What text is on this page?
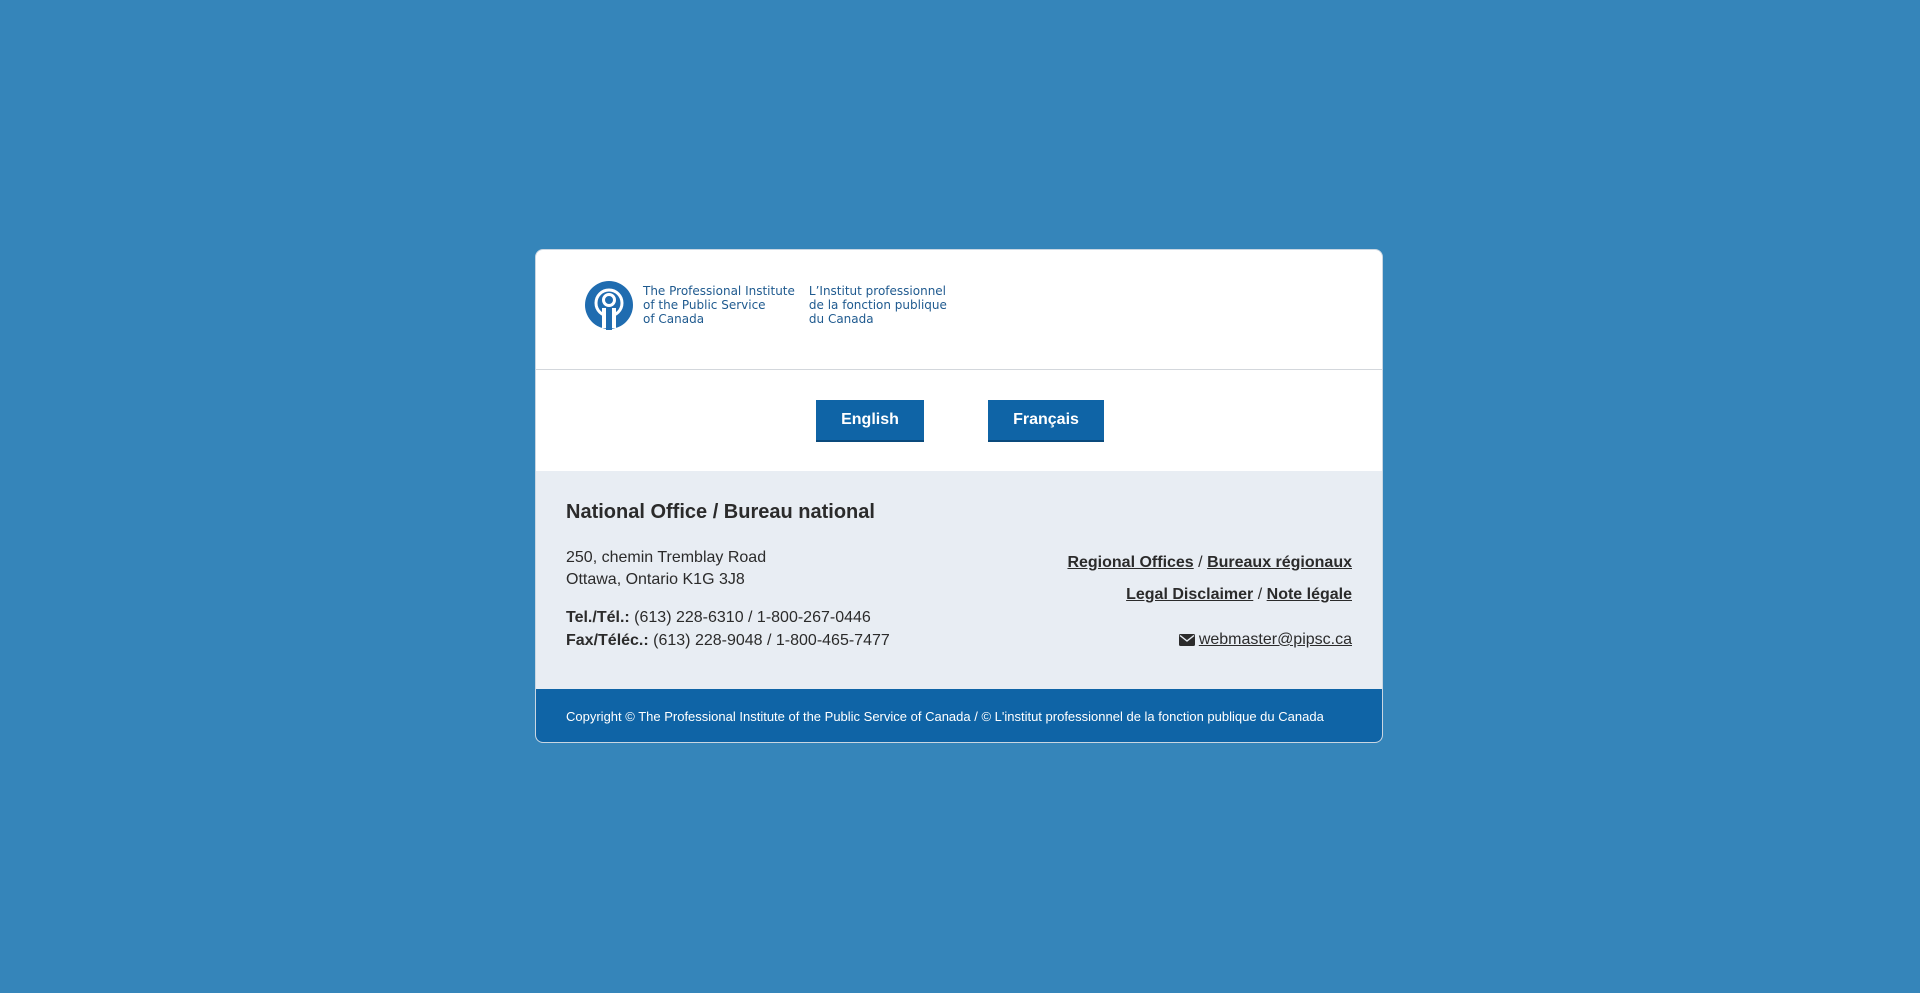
The Professional Institute
of the Public Service
of Canada
L’Institut professionnel
de la fonction publique
du Canada
English	Français
National Office / Bureau national
250, chemin Tremblay Road
Ottawa, Ontario K1G 3J8
Tel./Tél.: (613) 228-6310 / 1-800-267-0446
Fax/Téléc.: (613) 228-9048 / 1-800-465-7477
Regional Offices / Bureaux régionaux
Legal Disclaimer / Note légale
webmaster@pipsc.ca
Copyright © The Professional Institute of the Public Service of Canada / © L'institut professionnel de la fonction publique du Canada
